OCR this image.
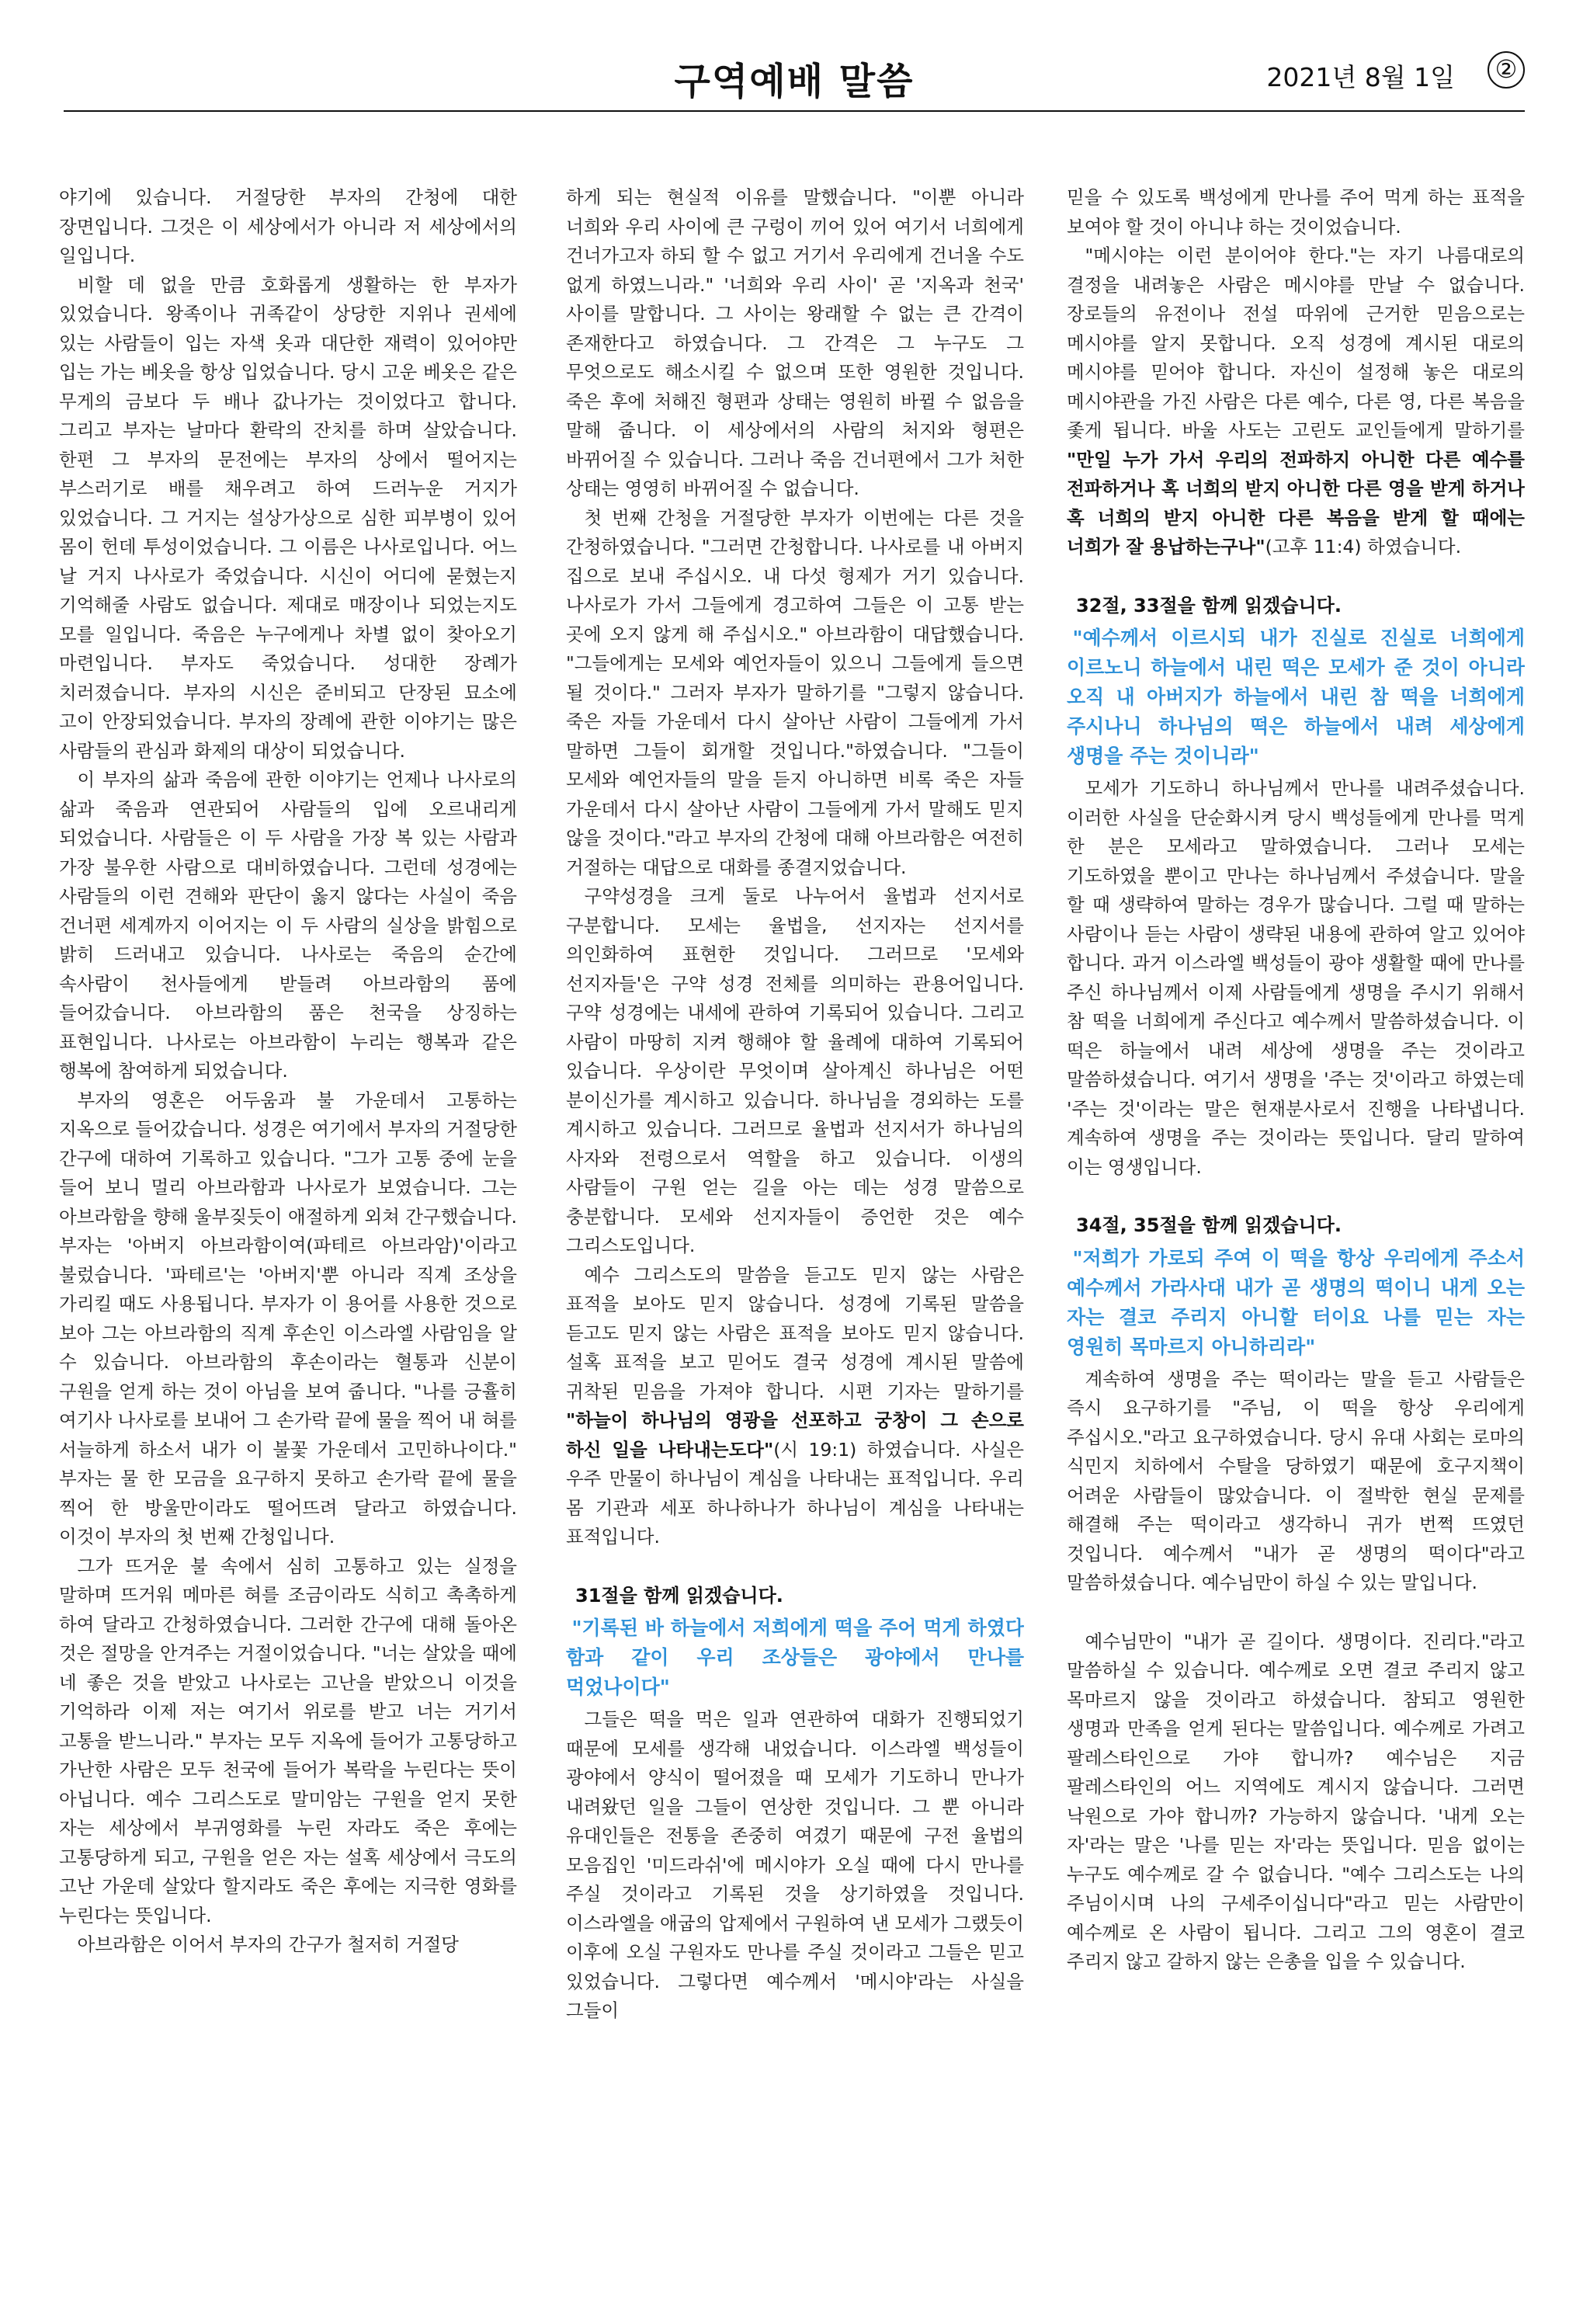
구역예배 말씀	2021년 8월 1일	②

야기에 있습니다. 거절당한 부자의 간청에 대한 장면입니다. 그것은 이 세상에서가 아니라 저 세상에서의 일입니다.

비할 데 없을 만큼 호화롭게 생활하는 한 부자가 있었습니다. 왕족이나 귀족같이 상당한 지위나 권세에 있는 사람들이 입는 자색 옷과 대단한 재력이 있어야만 입는 가는 베옷을 항상 입었습니다. 당시 고운 베옷은 같은 무게의 금보다 두 배나 값나가는 것이었다고 합니다. 그리고 부자는 날마다 환락의 잔치를 하며 살았습니다. 한편 그 부자의 문전에는 부자의 상에서 떨어지는 부스러기로 배를 채우려고 하여 드러누운 거지가 있었습니다. 그 거지는 설상가상으로 심한 피부병이 있어 몸이 헌데 투성이었습니다. 그 이름은 나사로입니다. 어느 날 거지 나사로가 죽었습니다. 시신이 어디에 묻혔는지 기억해줄 사람도 없습니다. 제대로 매장이나 되었는지도 모를 일입니다. 죽음은 누구에게나 차별 없이 찾아오기 마련입니다. 부자도 죽었습니다. 성대한 장례가 치러졌습니다. 부자의 시신은 준비되고 단장된 묘소에 고이 안장되었습니다. 부자의 장례에 관한 이야기는 많은 사람들의 관심과 화제의 대상이 되었습니다.

이 부자의 삶과 죽음에 관한 이야기는 언제나 나사로의 삶과 죽음과 연관되어 사람들의 입에 오르내리게 되었습니다. 사람들은 이 두 사람을 가장 복 있는 사람과 가장 불우한 사람으로 대비하였습니다. 그런데 성경에는 사람들의 이런 견해와 판단이 옳지 않다는 사실이 죽음 건너편 세계까지 이어지는 이 두 사람의 실상을 밝힘으로 밝히 드러내고 있습니다. 나사로는 죽음의 순간에 속사람이 천사들에게 받들려 아브라함의 품에 들어갔습니다. 아브라함의 품은 천국을 상징하는 표현입니다. 나사로는 아브라함이 누리는 행복과 같은 행복에 참여하게 되었습니다.

부자의 영혼은 어두움과 불 가운데서 고통하는 지옥으로 들어갔습니다. 성경은 여기에서 부자의 거절당한 간구에 대하여 기록하고 있습니다. "그가 고통 중에 눈을 들어 보니 멀리 아브라함과 나사로가 보였습니다. 그는 아브라함을 향해 울부짖듯이 애절하게 외쳐 간구했습니다. 부자는 '아버지 아브라함이여(파테르 아브라암)'이라고 불렀습니다. '파테르'는 '아버지'뿐 아니라 직계 조상을 가리킬 때도 사용됩니다. 부자가 이 용어를 사용한 것으로 보아 그는 아브라함의 직계 후손인 이스라엘 사람임을 알 수 있습니다. 아브라함의 후손이라는 혈통과 신분이 구원을 얻게 하는 것이 아님을 보여 줍니다. "나를 긍휼히 여기사 나사로를 보내어 그 손가락 끝에 물을 찍어 내 혀를 서늘하게 하소서 내가 이 불꽃 가운데서 고민하나이다." 부자는 물 한 모금을 요구하지 못하고 손가락 끝에 물을 찍어 한 방울만이라도 떨어뜨려 달라고 하였습니다. 이것이 부자의 첫 번째 간청입니다.

그가 뜨거운 불 속에서 심히 고통하고 있는 실정을 말하며 뜨거워 메마른 혀를 조금이라도 식히고 촉촉하게 하여 달라고 간청하였습니다. 그러한 간구에 대해 돌아온 것은 절망을 안겨주는 거절이었습니다. "너는 살았을 때에 네 좋은 것을 받았고 나사로는 고난을 받았으니 이것을 기억하라 이제 저는 여기서 위로를 받고 너는 거기서 고통을 받느니라." 부자는 모두 지옥에 들어가 고통당하고 가난한 사람은 모두 천국에 들어가 복락을 누린다는 뜻이 아닙니다. 예수 그리스도로 말미암는 구원을 얻지 못한 자는 세상에서 부귀영화를 누린 자라도 죽은 후에는 고통당하게 되고, 구원을 얻은 자는 설혹 세상에서 극도의 고난 가운데 살았다 할지라도 죽은 후에는 지극한 영화를 누린다는 뜻입니다.

아브라함은 이어서 부자의 간구가 철저히 거절당

하게 되는 현실적 이유를 말했습니다. "이뿐 아니라 너희와 우리 사이에 큰 구렁이 끼어 있어 여기서 너희에게 건너가고자 하되 할 수 없고 거기서 우리에게 건너올 수도 없게 하였느니라." '너희와 우리 사이' 곧 '지옥과 천국' 사이를 말합니다. 그 사이는 왕래할 수 없는 큰 간격이 존재한다고 하였습니다. 그 간격은 그 누구도 그 무엇으로도 해소시킬 수 없으며 또한 영원한 것입니다. 죽은 후에 처해진 형편과 상태는 영원히 바뀔 수 없음을 말해 줍니다. 이 세상에서의 사람의 처지와 형편은 바뀌어질 수 있습니다. 그러나 죽음 건너편에서 그가 처한 상태는 영영히 바뀌어질 수 없습니다.

첫 번째 간청을 거절당한 부자가 이번에는 다른 것을 간청하였습니다. "그러면 간청합니다. 나사로를 내 아버지 집으로 보내 주십시오. 내 다섯 형제가 거기 있습니다. 나사로가 가서 그들에게 경고하여 그들은 이 고통 받는 곳에 오지 않게 해 주십시오." 아브라함이 대답했습니다. "그들에게는 모세와 예언자들이 있으니 그들에게 들으면 될 것이다." 그러자 부자가 말하기를 "그렇지 않습니다. 죽은 자들 가운데서 다시 살아난 사람이 그들에게 가서 말하면 그들이 회개할 것입니다."하였습니다. "그들이 모세와 예언자들의 말을 듣지 아니하면 비록 죽은 자들 가운데서 다시 살아난 사람이 그들에게 가서 말해도 믿지 않을 것이다."라고 부자의 간청에 대해 아브라함은 여전히 거절하는 대답으로 대화를 종결지었습니다.

구약성경을 크게 둘로 나누어서 율법과 선지서로 구분합니다. 모세는 율법을, 선지자는 선지서를 의인화하여 표현한 것입니다. 그러므로 '모세와 선지자들'은 구약 성경 전체를 의미하는 관용어입니다. 구약 성경에는 내세에 관하여 기록되어 있습니다. 그리고 사람이 마땅히 지켜 행해야 할 율례에 대하여 기록되어 있습니다. 우상이란 무엇이며 살아계신 하나님은 어떤 분이신가를 계시하고 있습니다. 하나님을 경외하는 도를 계시하고 있습니다. 그러므로 율법과 선지서가 하나님의 사자와 전령으로서 역할을 하고 있습니다. 이생의 사람들이 구원 얻는 길을 아는 데는 성경 말씀으로 충분합니다. 모세와 선지자들이 증언한 것은 예수 그리스도입니다.

예수 그리스도의 말씀을 듣고도 믿지 않는 사람은 표적을 보아도 믿지 않습니다. 성경에 기록된 말씀을 듣고도 믿지 않는 사람은 표적을 보아도 믿지 않습니다. 설혹 표적을 보고 믿어도 결국 성경에 계시된 말씀에 귀착된 믿음을 가져야 합니다. 시편 기자는 말하기를 "하늘이 하나님의 영광을 선포하고 궁창이 그 손으로 하신 일을 나타내는도다"(시 19:1) 하였습니다. 사실은 우주 만물이 하나님이 계심을 나타내는 표적입니다. 우리 몸 기관과 세포 하나하나가 하나님이 계심을 나타내는 표적입니다.

31절을 함께 읽겠습니다.
"기록된 바 하늘에서 저희에게 떡을 주어 먹게 하였다 함과 같이 우리 조상들은 광야에서 만나를 먹었나이다"

그들은 떡을 먹은 일과 연관하여 대화가 진행되었기 때문에 모세를 생각해 내었습니다. 이스라엘 백성들이 광야에서 양식이 떨어졌을 때 모세가 기도하니 만나가 내려왔던 일을 그들이 연상한 것입니다. 그 뿐 아니라 유대인들은 전통을 존중히 여겼기 때문에 구전 율법의 모음집인 '미드라쉬'에 메시야가 오실 때에 다시 만나를 주실 것이라고 기록된 것을 상기하였을 것입니다. 이스라엘을 애굽의 압제에서 구원하여 낸 모세가 그랬듯이 이후에 오실 구원자도 만나를 주실 것이라고 그들은 믿고 있었습니다. 그렇다면 예수께서 '메시야'라는 사실을 그들이

믿을 수 있도록 백성에게 만나를 주어 먹게 하는 표적을 보여야 할 것이 아니냐 하는 것이었습니다.

"메시야는 이런 분이어야 한다."는 자기 나름대로의 결정을 내려놓은 사람은 메시야를 만날 수 없습니다. 장로들의 유전이나 전설 따위에 근거한 믿음으로는 메시야를 알지 못합니다. 오직 성경에 계시된 대로의 메시야를 믿어야 합니다. 자신이 설정해 놓은 대로의 메시야관을 가진 사람은 다른 예수, 다른 영, 다른 복음을 좇게 됩니다. 바울 사도는 고린도 교인들에게 말하기를 "만일 누가 가서 우리의 전파하지 아니한 다른 예수를 전파하거나 혹 너희의 받지 아니한 다른 영을 받게 하거나 혹 너희의 받지 아니한 다른 복음을 받게 할 때에는 너희가 잘 용납하는구나"(고후 11:4) 하였습니다.

32절, 33절을 함께 읽겠습니다.
"예수께서 이르시되 내가 진실로 진실로 너희에게 이르노니 하늘에서 내린 떡은 모세가 준 것이 아니라 오직 내 아버지가 하늘에서 내린 참 떡을 너희에게 주시나니 하나님의 떡은 하늘에서 내려 세상에게 생명을 주는 것이니라"

모세가 기도하니 하나님께서 만나를 내려주셨습니다. 이러한 사실을 단순화시켜 당시 백성들에게 만나를 먹게 한 분은 모세라고 말하였습니다. 그러나 모세는 기도하였을 뿐이고 만나는 하나님께서 주셨습니다. 말을 할 때 생략하여 말하는 경우가 많습니다. 그럴 때 말하는 사람이나 듣는 사람이 생략된 내용에 관하여 알고 있어야 합니다. 과거 이스라엘 백성들이 광야 생활할 때에 만나를 주신 하나님께서 이제 사람들에게 생명을 주시기 위해서 참 떡을 너희에게 주신다고 예수께서 말씀하셨습니다. 이 떡은 하늘에서 내려 세상에 생명을 주는 것이라고 말씀하셨습니다. 여기서 생명을 '주는 것'이라고 하였는데 '주는 것'이라는 말은 현재분사로서 진행을 나타냅니다. 계속하여 생명을 주는 것이라는 뜻입니다. 달리 말하여 이는 영생입니다.

34절, 35절을 함께 읽겠습니다.
"저희가 가로되 주여 이 떡을 항상 우리에게 주소서 예수께서 가라사대 내가 곧 생명의 떡이니 내게 오는 자는 결코 주리지 아니할 터이요 나를 믿는 자는 영원히 목마르지 아니하리라"

계속하여 생명을 주는 떡이라는 말을 듣고 사람들은 즉시 요구하기를 "주님, 이 떡을 항상 우리에게 주십시오."라고 요구하였습니다. 당시 유대 사회는 로마의 식민지 치하에서 수탈을 당하였기 때문에 호구지책이 어려운 사람들이 많았습니다. 이 절박한 현실 문제를 해결해 주는 떡이라고 생각하니 귀가 번쩍 뜨였던 것입니다. 예수께서 "내가 곧 생명의 떡이다"라고 말씀하셨습니다. 예수님만이 하실 수 있는 말입니다.

예수님만이 "내가 곧 길이다. 생명이다. 진리다."라고 말씀하실 수 있습니다. 예수께로 오면 결코 주리지 않고 목마르지 않을 것이라고 하셨습니다. 참되고 영원한 생명과 만족을 얻게 된다는 말씀입니다. 예수께로 가려고 팔레스타인으로 가야 합니까? 예수님은 지금 팔레스타인의 어느 지역에도 계시지 않습니다. 그러면 낙원으로 가야 합니까? 가능하지 않습니다. '내게 오는 자'라는 말은 '나를 믿는 자'라는 뜻입니다. 믿음 없이는 누구도 예수께로 갈 수 없습니다. "예수 그리스도는 나의 주님이시며 나의 구세주이십니다"라고 믿는 사람만이 예수께로 온 사람이 됩니다. 그리고 그의 영혼이 결코 주리지 않고 갈하지 않는 은총을 입을 수 있습니다.
